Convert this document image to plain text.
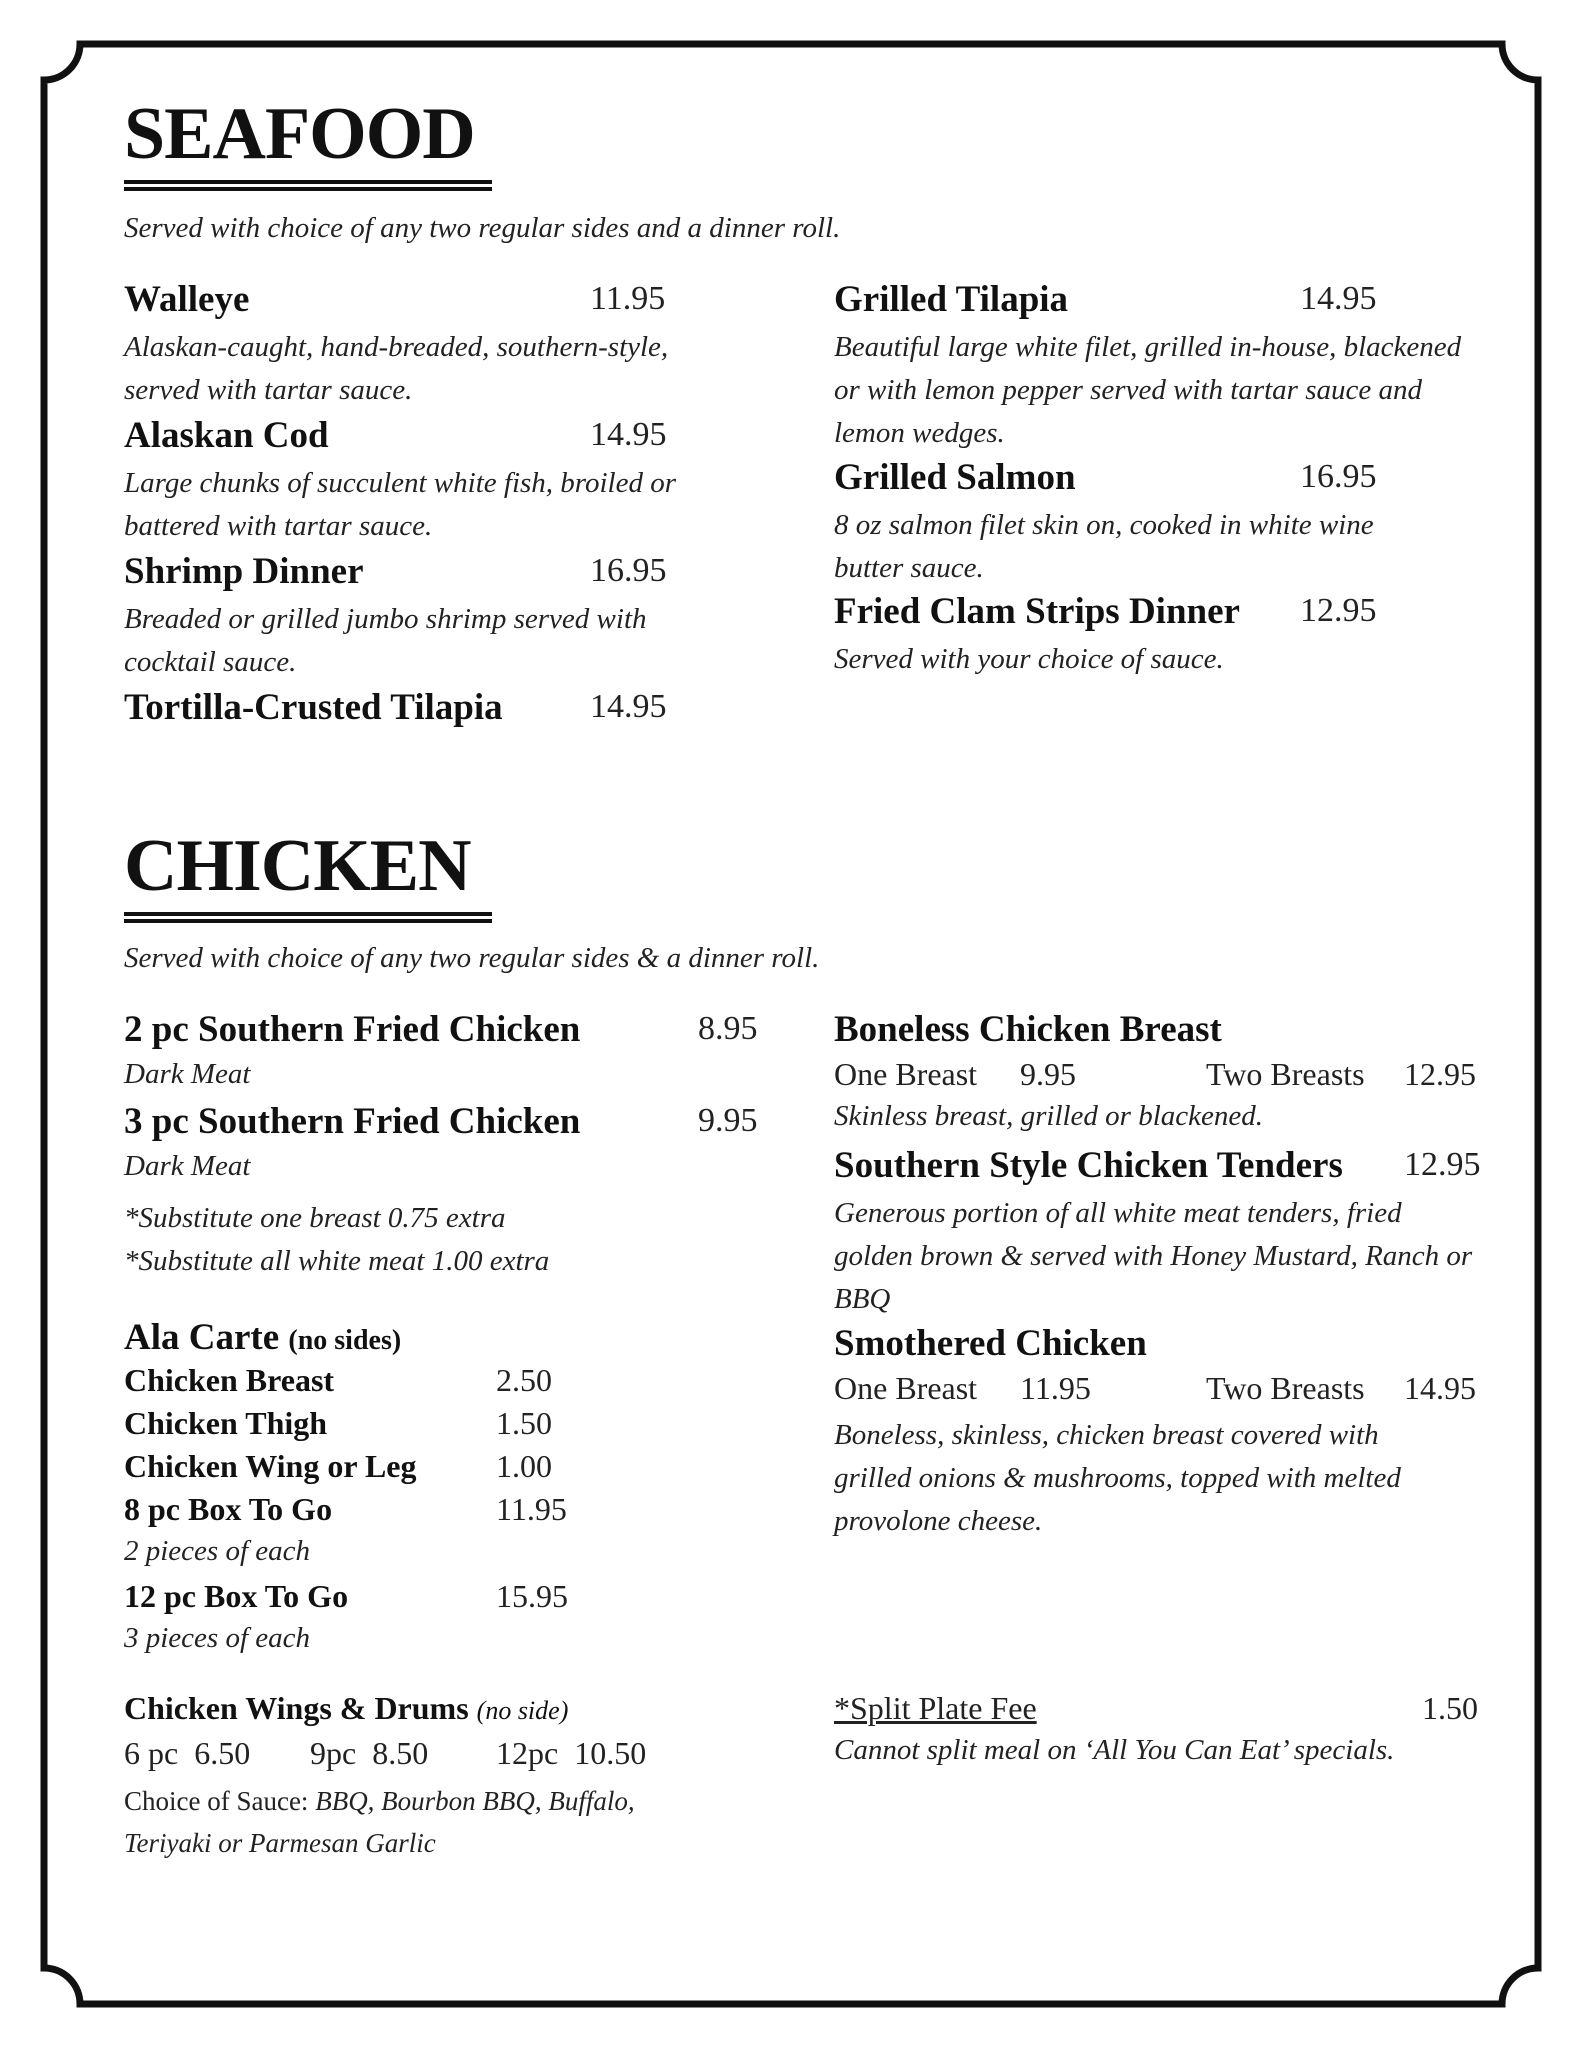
SEAFOOD
Served with choice of any two regular sides and a dinner roll.
Walleye	11.95
Alaskan-caught, hand-breaded, southern-style, served with tartar sauce.
Alaskan Cod	14.95
Large chunks of succulent white fish, broiled or battered with tartar sauce.
Shrimp Dinner	16.95
Breaded or grilled jumbo shrimp served with cocktail sauce.
Tortilla-Crusted Tilapia	14.95
Grilled Tilapia	14.95
Beautiful large white filet, grilled in-house, blackened or with lemon pepper served with tartar sauce and lemon wedges.
Grilled Salmon	16.95
8 oz salmon filet skin on, cooked in white wine butter sauce.
Fried Clam Strips Dinner 12.95
Served with your choice of sauce.
CHICKEN
Served with choice of any two regular sides & a dinner roll.
2 pc Southern Fried Chicken	8.95
Dark Meat
3 pc Southern Fried Chicken	9.95
Dark Meat
*Substitute one breast 0.75 extra
*Substitute all white meat 1.00 extra
Ala Carte (no sides)
Chicken Breast	2.50
Chicken Thigh	1.50
Chicken Wing or Leg 1.00
8 pc Box To Go	11.95
2 pieces of each
12 pc Box To Go	15.95
3 pieces of each
Chicken Wings & Drums (no side)
6 pc 6.50 9pc 8.50 12pc 10.50
Choice of Sauce: BBQ, Bourbon BBQ, Buffalo, Teriyaki or Parmesan Garlic
Boneless Chicken Breast
One Breast 9.95	Two Breasts 12.95
Skinless breast, grilled or blackened.
Southern Style Chicken Tenders 12.95
Generous portion of all white meat tenders, fried golden brown & served with Honey Mustard, Ranch or BBQ
Smothered Chicken
One Breast 11.95	Two Breasts 14.95
Boneless, skinless, chicken breast covered with grilled onions & mushrooms, topped with melted provolone cheese.
*Split Plate Fee	1.50
Cannot split meal on ‘All You Can Eat’ specials.
